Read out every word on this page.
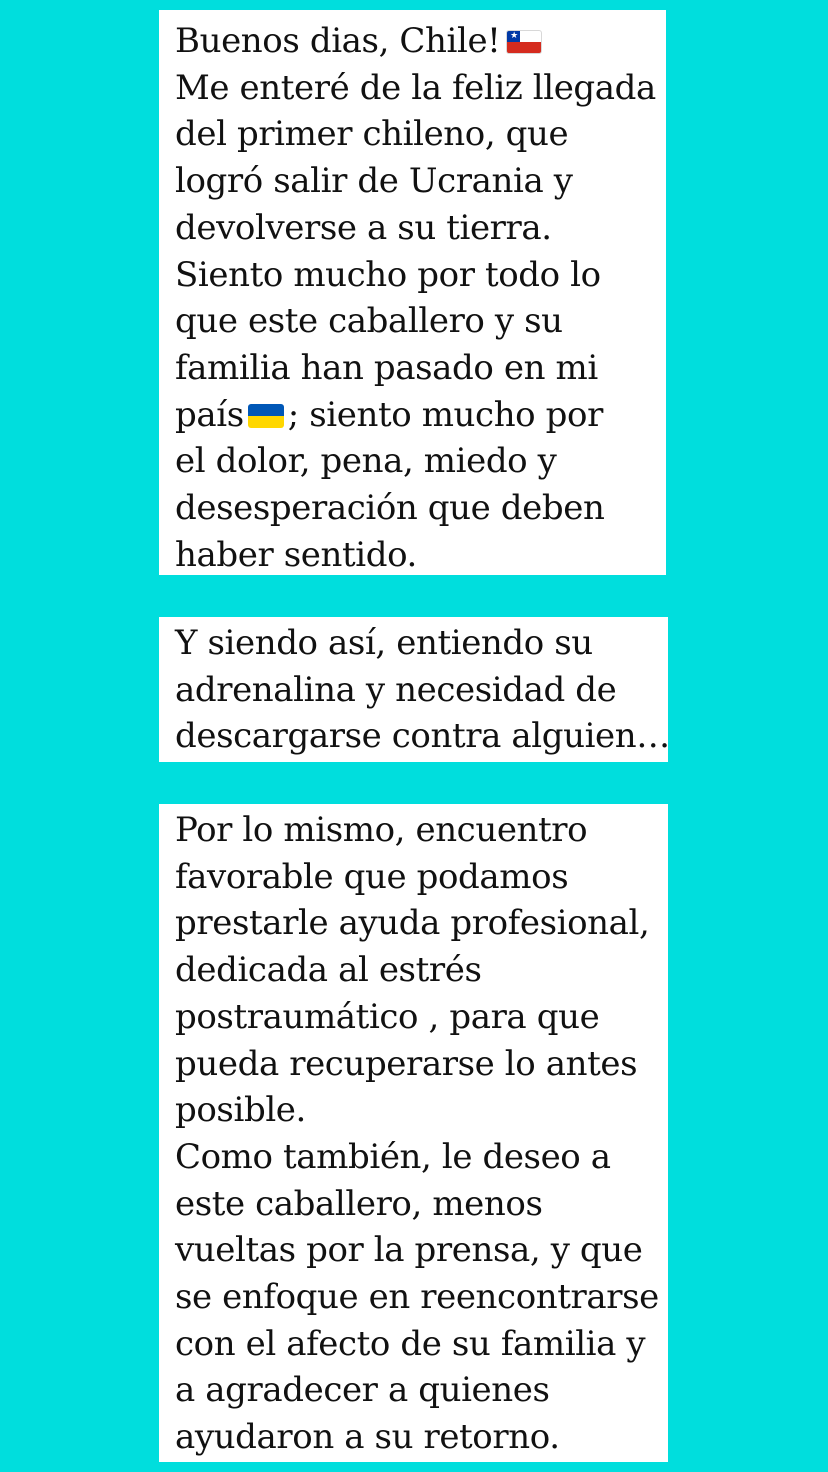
Buenos dias, Chile! ★
Me enteré de la feliz llegada
del primer chileno, que
logró salir de Ucrania y
devolverse a su tierra.
Siento mucho por todo lo
que este caballero y su
familia han pasado en mi
país ; siento mucho por
el dolor, pena, miedo y
desesperación que deben
haber sentido.
Y siendo así, entiendo su
adrenalina y necesidad de
descargarse contra alguien…
Por lo mismo, encuentro
favorable que podamos
prestarle ayuda profesional,
dedicada al estrés
postraumático , para que
pueda recuperarse lo antes
posible.
Como también, le deseo a
este caballero, menos
vueltas por la prensa, y que
se enfoque en reencontrarse
con el afecto de su familia y
a agradecer a quienes
ayudaron a su retorno.
